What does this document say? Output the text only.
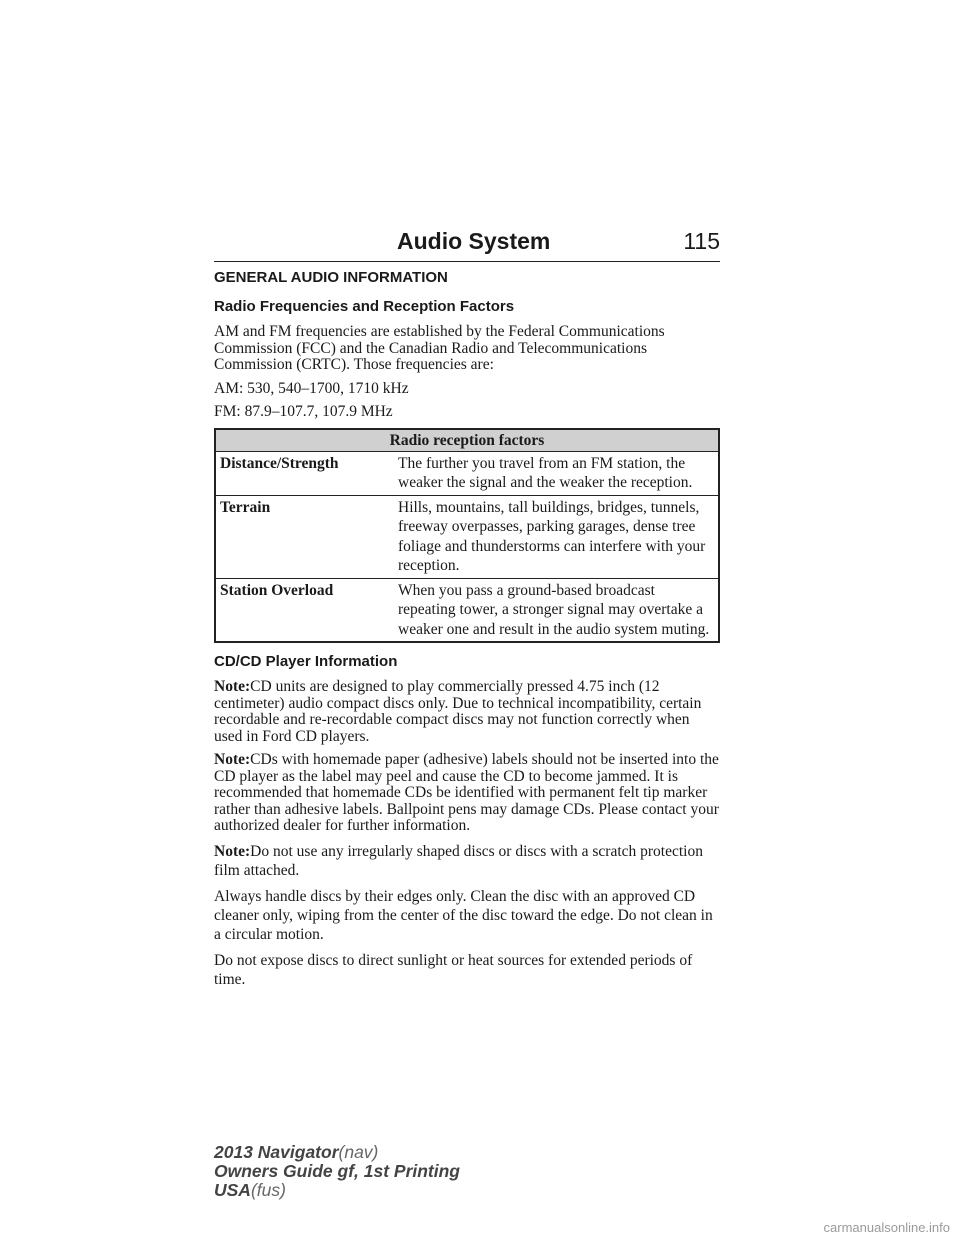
Audio System	115
GENERAL AUDIO INFORMATION
Radio Frequencies and Reception Factors

AM and FM frequencies are established by the Federal Communications Commission (FCC) and the Canadian Radio and Telecommunications Commission (CRTC). Those frequencies are:

AM: 530, 540–1700, 1710 kHz

FM: 87.9–107.7, 107.9 MHz

Radio reception factors	
Distance/Strength	The further you travel from an FM station, the weaker the signal and the weaker the reception.
Terrain	Hills, mountains, tall buildings, bridges, tunnels, freeway overpasses, parking garages, dense tree foliage and thunderstorms can interfere with your reception.
Station Overload	When you pass a ground-based broadcast repeating tower, a stronger signal may overtake a weaker one and result in the audio system muting.
CD/CD Player Information

Note:CD units are designed to play commercially pressed 4.75 inch (12 centimeter) audio compact discs only. Due to technical incompatibility, certain recordable and re-recordable compact discs may not function correctly when used in Ford CD players.

Note:CDs with homemade paper (adhesive) labels should not be inserted into the CD player as the label may peel and cause the CD to become jammed. It is recommended that homemade CDs be identified with permanent felt tip marker rather than adhesive labels. Ballpoint pens may damage CDs. Please contact your authorized dealer for further information.

Note:Do not use any irregularly shaped discs or discs with a scratch protection film attached.

Always handle discs by their edges only. Clean the disc with an approved CD cleaner only, wiping from the center of the disc toward the edge. Do not clean in a circular motion.

Do not expose discs to direct sunlight or heat sources for extended periods of time.

2013 Navigator(nav)
Owners Guide gf, 1st Printing
USA(fus)
carmanualsonline.info
